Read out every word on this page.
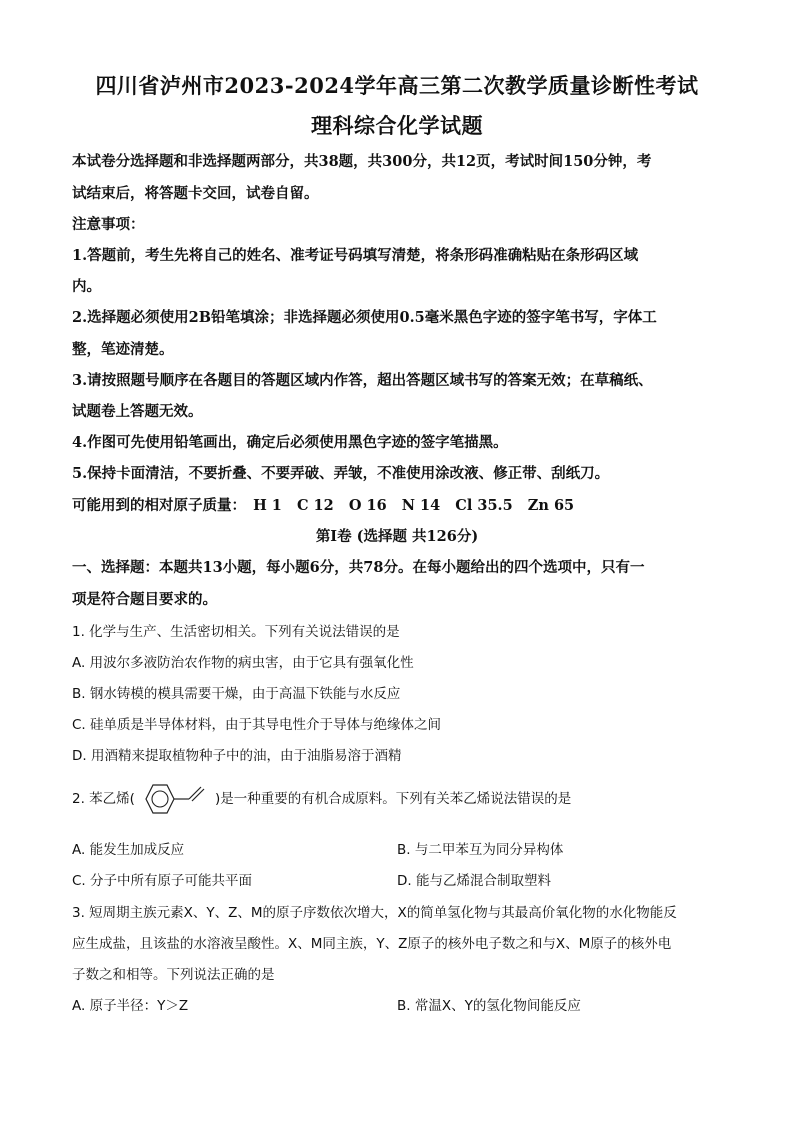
四川省泸州市2023-2024学年高三第二次教学质量诊断性考试
理科综合化学试题
本试卷分选择题和非选择题两部分，共38题，共300分，共12页，考试时间150分钟，考
试结束后，将答题卡交回，试卷自留。
注意事项：
1.答题前，考生先将自己的姓名、准考证号码填写清楚，将条形码准确粘贴在条形码区域
内。
2.选择题必须使用2B铅笔填涂；非选择题必须使用0.5毫米黑色字迹的签字笔书写，字体工
整，笔迹清楚。
3.请按照题号顺序在各题目的答题区域内作答，超出答题区域书写的答案无效；在草稿纸、
试题卷上答题无效。
4.作图可先使用铅笔画出，确定后必须使用黑色字迹的签字笔描黑。
5.保持卡面清洁，不要折叠、不要弄破、弄皱，不准使用涂改液、修正带、刮纸刀。
可能用到的相对原子质量： H 1 C 12 O 16 N 14 Cl 35.5 Zn 65
第Ⅰ卷 (选择题 共126分)
一、选择题：本题共13小题，每小题6分，共78分。在每小题给出的四个选项中，只有一
项是符合题目要求的。
1. 化学与生产、生活密切相关。下列有关说法错误的是
A. 用波尔多液防治农作物的病虫害，由于它具有强氧化性
B. 钢水铸模的模具需要干燥，由于高温下铁能与水反应
C. 硅单质是半导体材料，由于其导电性介于导体与绝缘体之间
D. 用酒精来提取植物种子中的油，由于油脂易溶于酒精
2. 苯乙烯(	)是一种重要的有机合成原料。下列有关苯乙烯说法错误的是
A. 能发生加成反应	B. 与二甲苯互为同分异构体
C. 分子中所有原子可能共平面	D. 能与乙烯混合制取塑料
3. 短周期主族元素X、Y、Z、M的原子序数依次增大，X的简单氢化物与其最高价氧化物的水化物能反
应生成盐，且该盐的水溶液呈酸性。X、M同主族，Y、Z原子的核外电子数之和与X、M原子的核外电
子数之和相等。下列说法正确的是
A. 原子半径：Y＞Z	B. 常温X、Y的氢化物间能反应
